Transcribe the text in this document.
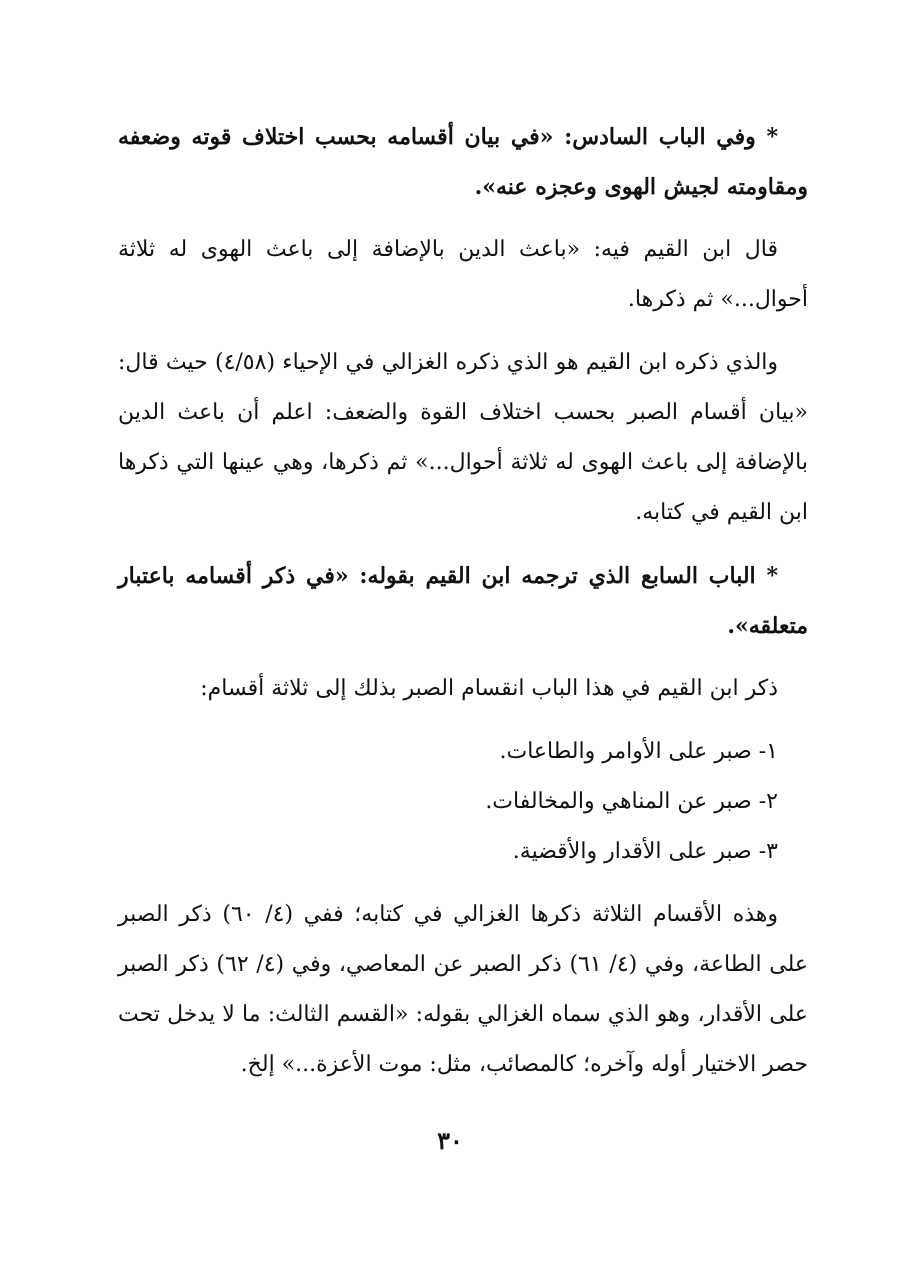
* وفي الباب السادس: «في بيان أقسامه بحسب اختلاف قوته وضعفه ومقاومته لجيش الهوى وعجزه عنه».

قال ابن القيم فيه: «باعث الدين بالإضافة إلى باعث الهوى له ثلاثة أحوال...» ثم ذكرها.

والذي ذكره ابن القيم هو الذي ذكره الغزالي في الإحياء (٤/٥٨) حيث قال: «بيان أقسام الصبر بحسب اختلاف القوة والضعف: اعلم أن باعث الدين بالإضافة إلى باعث الهوى له ثلاثة أحوال...» ثم ذكرها، وهي عينها التي ذكرها ابن القيم في كتابه.

* الباب السابع الذي ترجمه ابن القيم بقوله: «في ذكر أقسامه باعتبار متعلقه».

ذكر ابن القيم في هذا الباب انقسام الصبر بذلك إلى ثلاثة أقسام:

١- صبر على الأوامر والطاعات.
٢- صبر عن المناهي والمخالفات.
٣- صبر على الأقدار والأقضية.

وهذه الأقسام الثلاثة ذكرها الغزالي في كتابه؛ ففي (٤/ ٦٠) ذكر الصبر على الطاعة، وفي (٤/ ٦١) ذكر الصبر عن المعاصي، وفي (٤/ ٦٢) ذكر الصبر على الأقدار، وهو الذي سماه الغزالي بقوله: «القسم الثالث: ما لا يدخل تحت حصر الاختيار أوله وآخره؛ كالمصائب، مثل: موت الأعزة...» إلخ.

٣٠
